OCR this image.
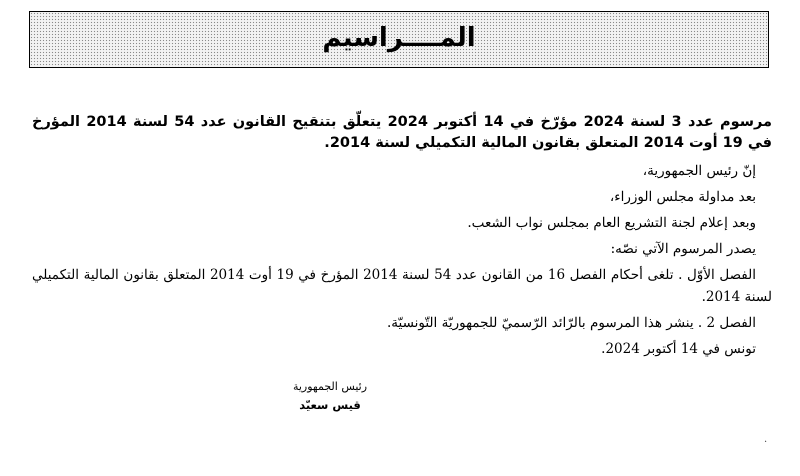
المــــراسيم

مرسوم عدد 3 لسنة 2024 مؤرّخ في 14 أكتوبر 2024 يتعلّق بتنقيح القانون عدد 54 لسنة 2014 المؤرخ في 19 أوت 2014 المتعلق بقانون المالية التكميلي لسنة 2014.

إنّ رئيس الجمهورية،

بعد مداولة مجلس الوزراء،

وبعد إعلام لجنة التشريع العام بمجلس نواب الشعب.

يصدر المرسوم الآتي نصّه:

الفصل الأوّل . تلغى أحكام الفصل 16 من القانون عدد 54 لسنة 2014 المؤرخ في 19 أوت 2014 المتعلق بقانون المالية التكميلي لسنة 2014.

الفصل 2 . ينشر هذا المرسوم بالرّائد الرّسميّ للجمهوريّة التّونسيّة.

تونس في 14 أكتوبر 2024.

رئيس الجمهورية
قيس سعيّد
.
